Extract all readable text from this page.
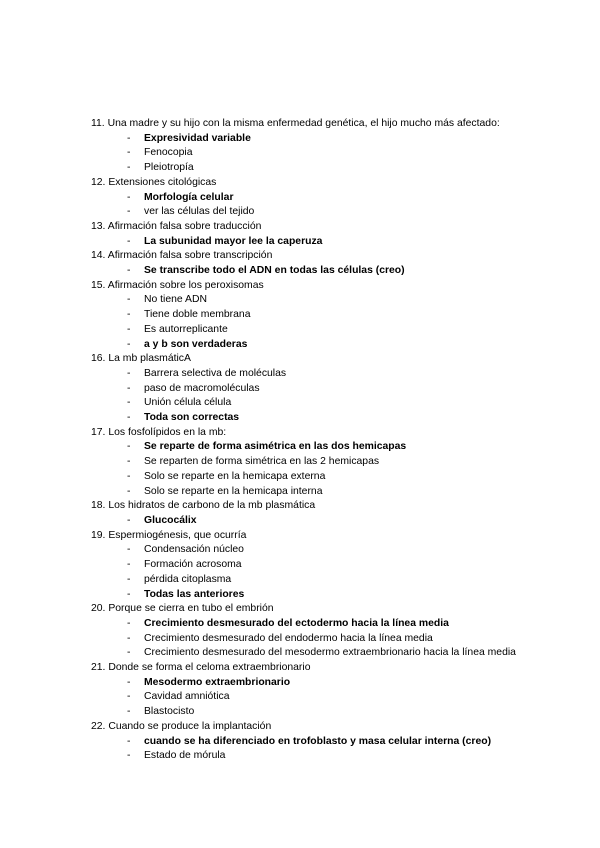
11. Una madre y su hijo con la misma enfermedad genética, el hijo mucho más afectado:
- Expresividad variable
- Fenocopia
- Pleiotropía
12. Extensiones citológicas
- Morfología celular
- ver las células del tejido
13. Afirmación falsa sobre traducción
- La subunidad mayor lee la caperuza
14. Afirmación falsa sobre transcripción
- Se transcribe todo el ADN en todas las células (creo)
15. Afirmación sobre los peroxisomas
- No tiene ADN
- Tiene doble membrana
- Es autorreplicante
- a y b son verdaderas
16. La mb plasmáticA
- Barrera selectiva de moléculas
- paso de macromoléculas
- Unión célula célula
- Toda son correctas
17. Los fosfolípidos en la mb:
- Se reparte de forma asimétrica en las dos hemicapas
- Se reparten de forma simétrica en las 2 hemicapas
- Solo se reparte en la hemicapa externa
- Solo se reparte en la hemicapa interna
18. Los hidratos de carbono de la mb plasmática
- Glucocálix
19. Espermiogénesis, que ocurría
- Condensación núcleo
- Formación acrosoma
- pérdida citoplasma
- Todas las anteriores
20. Porque se cierra en tubo el embrión
- Crecimiento desmesurado del ectodermo hacia la línea media
- Crecimiento desmesurado del endodermo hacia la línea media
- Crecimiento desmesurado del mesodermo extraembrionario hacia la línea media
21. Donde se forma el celoma extraembrionario
- Mesodermo extraembrionario
- Cavidad amniótica
- Blastocisto
22. Cuando se produce la implantación
- cuando se ha diferenciado en trofoblasto y masa celular interna (creo)
- Estado de mórula
